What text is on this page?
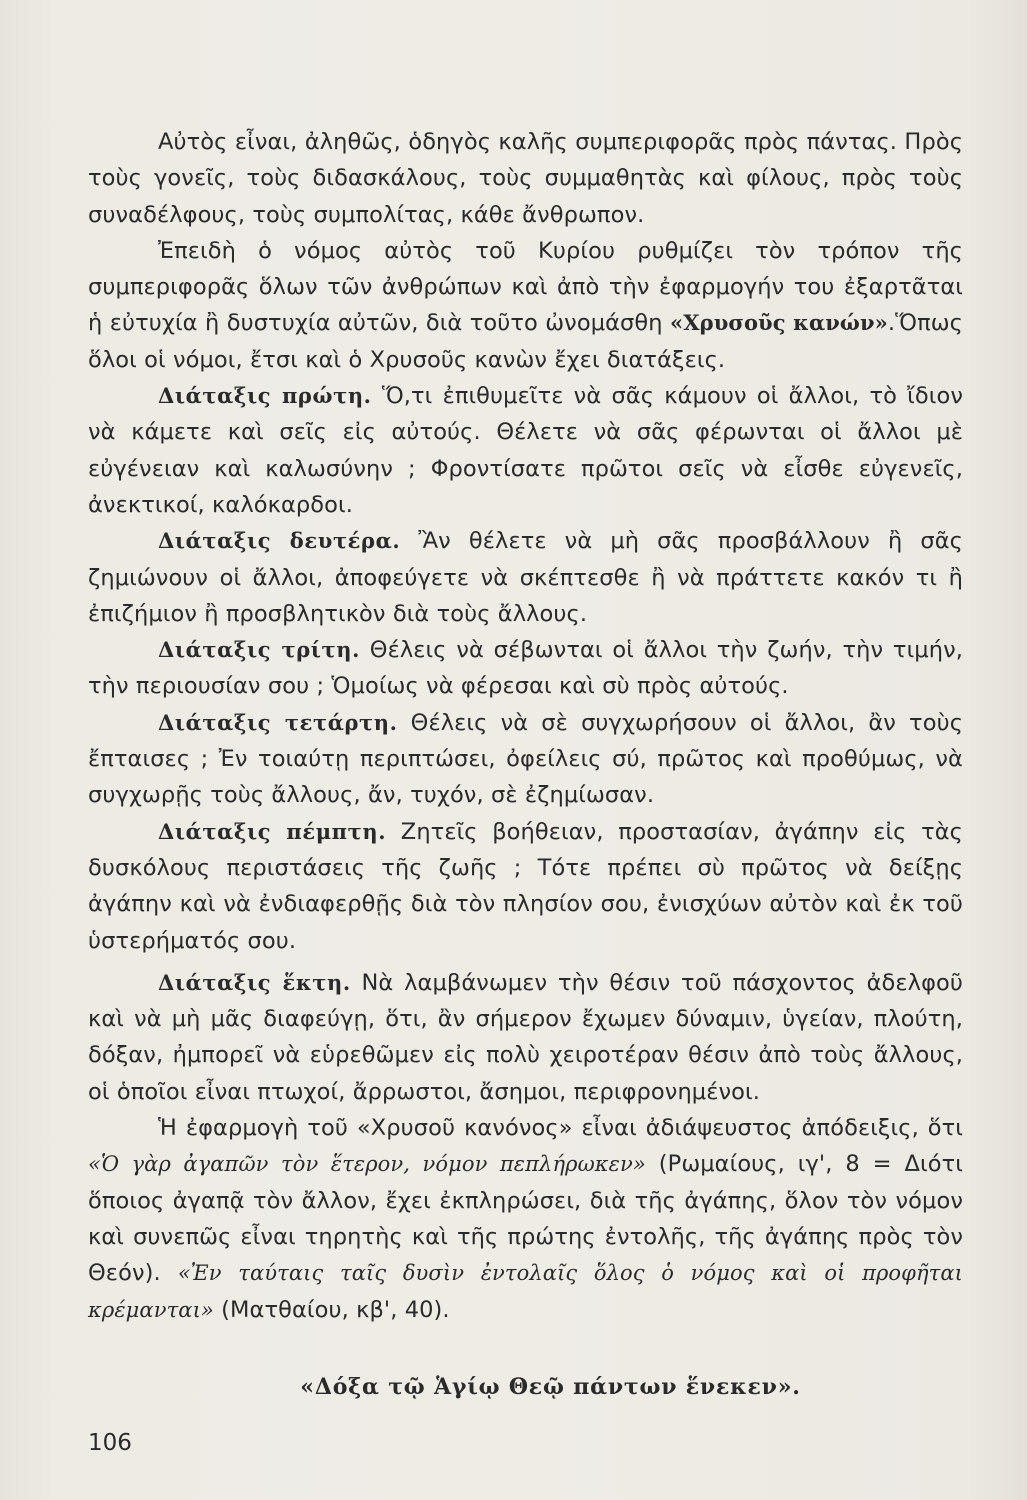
Αὐτὸς εἶναι, ἀληθῶς, ὁδηγὸς καλῆς συμπεριφορᾶς πρὸς πάντας. Πρὸς τοὺς γονεῖς, τοὺς διδασκάλους, τοὺς συμμαθητὰς καὶ φίλους, πρὸς τοὺς συναδέλφους, τοὺς συμπολίτας, κάθε ἄνθρωπον.

Ἐπειδὴ ὁ νόμος αὐτὸς τοῦ Κυρίου ρυθμίζει τὸν τρόπον τῆς συμπεριφορᾶς ὅλων τῶν ἀνθρώπων καὶ ἀπὸ τὴν ἐφαρμογήν του ἐξαρτᾶται ἡ εὐτυχία ἢ δυστυχία αὐτῶν, διὰ τοῦτο ὠνομάσθη «Χρυσοῦς κανών».Ὅπως ὅλοι οἱ νόμοι, ἔτσι καὶ ὁ Χρυσοῦς κανὼν ἔχει διατάξεις.

Διάταξις πρώτη. Ὅ,τι ἐπιθυμεῖτε νὰ σᾶς κάμουν οἱ ἄλλοι, τὸ ἴδιον νὰ κάμετε καὶ σεῖς εἰς αὐτούς. Θέλετε νὰ σᾶς φέρωνται οἱ ἄλλοι μὲ εὐγένειαν καὶ καλωσύνην ; Φροντίσατε πρῶτοι σεῖς νὰ εἶσθε εὐγενεῖς, ἀνεκτικοί, καλόκαρδοι.

Διάταξις δευτέρα. Ἂν θέλετε νὰ μὴ σᾶς προσβάλλουν ἢ σᾶς ζημιώνουν οἱ ἄλλοι, ἀποφεύγετε νὰ σκέπτεσθε ἢ νὰ πράττετε κακόν τι ἢ ἐπιζήμιον ἢ προσβλητικὸν διὰ τοὺς ἄλλους.

Διάταξις τρίτη. Θέλεις νὰ σέβωνται οἱ ἄλλοι τὴν ζωήν, τὴν τιμήν, τὴν περιουσίαν σου ; Ὁμοίως νὰ φέρεσαι καὶ σὺ πρὸς αὐτούς.

Διάταξις τετάρτη. Θέλεις νὰ σὲ συγχωρήσουν οἱ ἄλλοι, ἂν τοὺς ἔπταισες ; Ἐν τοιαύτῃ περιπτώσει, ὀφείλεις σύ, πρῶτος καὶ προθύμως, νὰ συγχωρῇς τοὺς ἄλλους, ἄν, τυχόν, σὲ ἐζημίωσαν.

Διάταξις πέμπτη. Ζητεῖς βοήθειαν, προστασίαν, ἀγάπην εἰς τὰς δυσκόλους περιστάσεις τῆς ζωῆς ; Τότε πρέπει σὺ πρῶτος νὰ δείξῃς ἀγάπην καὶ νὰ ἐνδιαφερθῇς διὰ τὸν πλησίον σου, ἐνισχύων αὐτὸν καὶ ἐκ τοῦ ὑστερήματός σου.

Διάταξις ἕκτη. Νὰ λαμβάνωμεν τὴν θέσιν τοῦ πάσχοντος ἀδελφοῦ καὶ νὰ μὴ μᾶς διαφεύγῃ, ὅτι, ἂν σήμερον ἔχωμεν δύναμιν, ὑγείαν, πλούτη, δόξαν, ἠμπορεῖ νὰ εὑρεθῶμεν εἰς πολὺ χειροτέραν θέσιν ἀπὸ τοὺς ἄλλους, οἱ ὁποῖοι εἶναι πτωχοί, ἄρρωστοι, ἄσημοι, περιφρονημένοι.

Ἡ ἐφαρμογὴ τοῦ «Χρυσοῦ κανόνος» εἶναι ἀδιάψευστος ἀπόδειξις, ὅτι «Ὁ γὰρ ἀγαπῶν τὸν ἕτερον, νόμον πεπλήρωκεν» (Ρωμαίους, ιγ', 8 = Διότι ὅποιος ἀγαπᾷ τὸν ἄλλον, ἔχει ἐκπληρώσει, διὰ τῆς ἀγάπης, ὅλον τὸν νόμον καὶ συνεπῶς εἶναι τηρητὴς καὶ τῆς πρώτης ἐντολῆς, τῆς ἀγάπης πρὸς τὸν Θεόν). «Ἐν ταύταις ταῖς δυσὶν ἐντολαῖς ὅλος ὁ νόμος καὶ οἱ προφῆται κρέμανται» (Ματθαίου, κβ', 40).

«Δόξα τῷ Ἁγίῳ Θεῷ πάντων ἕνεκεν».
106
